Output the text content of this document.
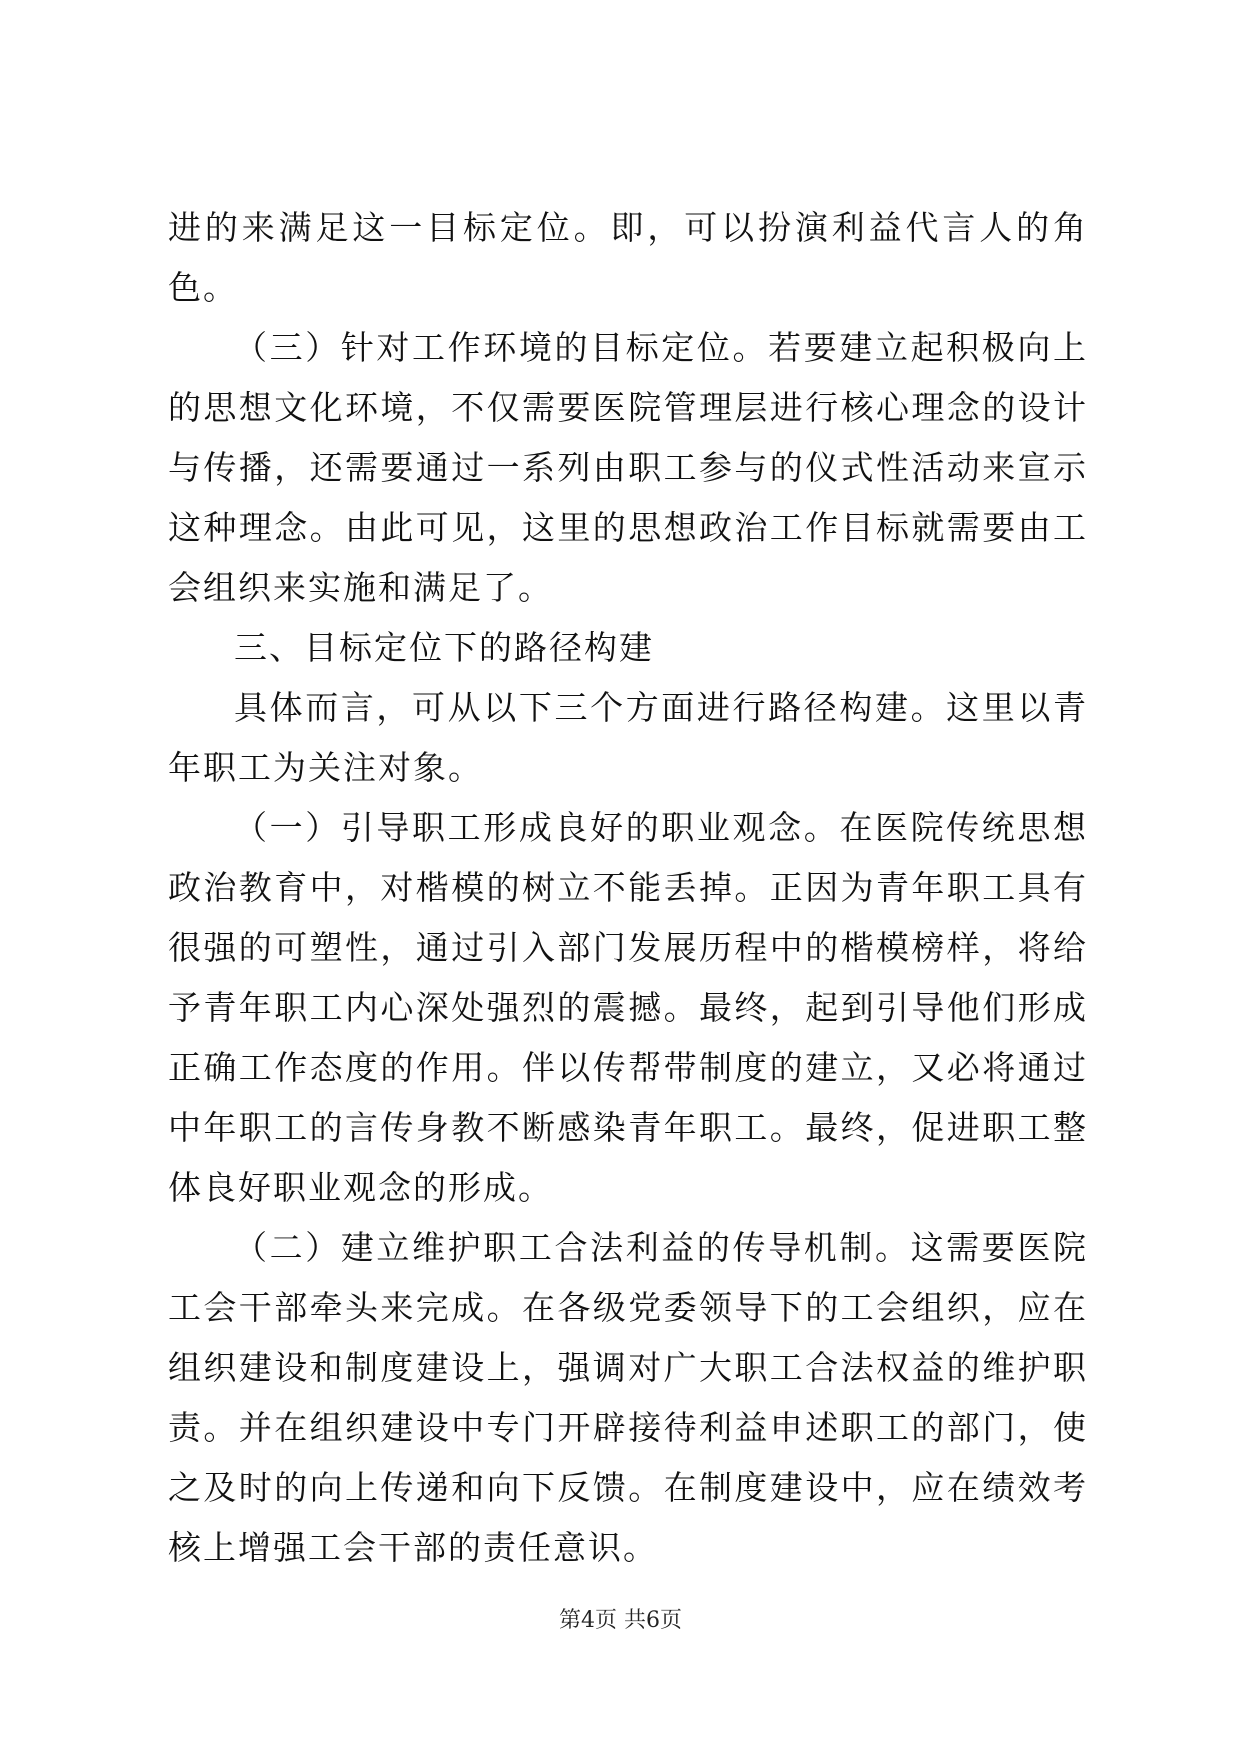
进的来满足这一目标定位。即，可以扮演利益代言人的角色。

（三）针对工作环境的目标定位。若要建立起积极向上的思想文化环境，不仅需要医院管理层进行核心理念的设计与传播，还需要通过一系列由职工参与的仪式性活动来宣示这种理念。由此可见，这里的思想政治工作目标就需要由工会组织来实施和满足了。

三、目标定位下的路径构建

具体而言，可从以下三个方面进行路径构建。这里以青年职工为关注对象。

（一）引导职工形成良好的职业观念。在医院传统思想政治教育中，对楷模的树立不能丢掉。正因为青年职工具有很强的可塑性，通过引入部门发展历程中的楷模榜样，将给予青年职工内心深处强烈的震撼。最终，起到引导他们形成正确工作态度的作用。伴以传帮带制度的建立，又必将通过中年职工的言传身教不断感染青年职工。最终，促进职工整体良好职业观念的形成。

（二）建立维护职工合法利益的传导机制。这需要医院工会干部牵头来完成。在各级党委领导下的工会组织，应在组织建设和制度建设上，强调对广大职工合法权益的维护职责。并在组织建设中专门开辟接待利益申述职工的部门，使之及时的向上传递和向下反馈。在制度建设中，应在绩效考核上增强工会干部的责任意识。

第4页 共6页
